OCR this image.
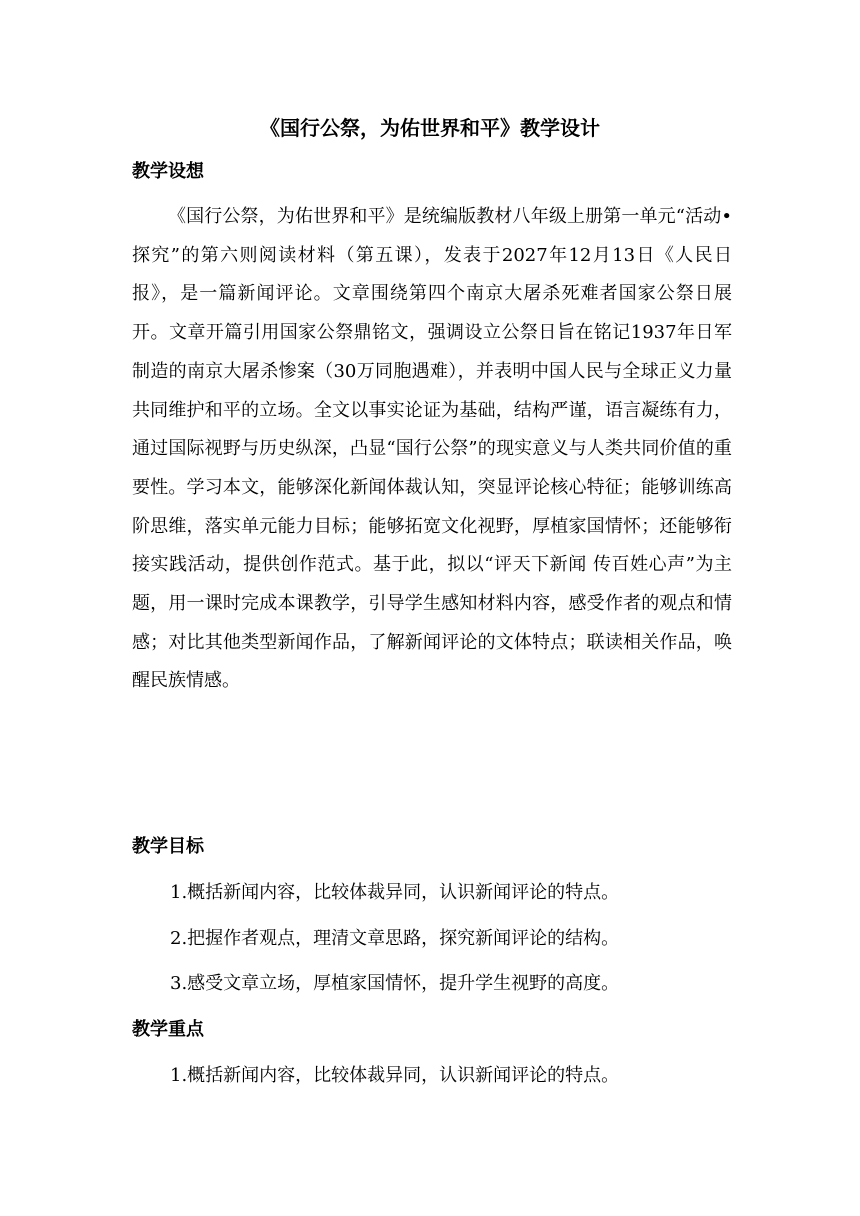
《国行公祭，为佑世界和平》教学设计
教学设想

《国行公祭，为佑世界和平》是统编版教材八年级上册第一单元“活动•探究”的第六则阅读材料（第五课），发表于2027年12月13日《人民日报》，是一篇新闻评论。文章围绕第四个南京大屠杀死难者国家公祭日展开。文章开篇引用国家公祭鼎铭文，强调设立公祭日旨在铭记1937年日军制造的南京大屠杀惨案（30万同胞遇难），并表明中国人民与全球正义力量共同维护和平的立场。全文以事实论证为基础，结构严谨，语言凝练有力，通过国际视野与历史纵深，凸显“国行公祭”的现实意义与人类共同价值的重要性。学习本文，能够深化新闻体裁认知，突显评论核心特征；能够训练高阶思维，落实单元能力目标；能够拓宽文化视野，厚植家国情怀；还能够衔接实践活动，提供创作范式。基于此，拟以“评天下新闻 传百姓心声”为主题，用一课时完成本课教学，引导学生感知材料内容，感受作者的观点和情感；对比其他类型新闻作品，了解新闻评论的文体特点；联读相关作品，唤醒民族情感。

教学目标

1.概括新闻内容，比较体裁异同，认识新闻评论的特点。

2.把握作者观点，理清文章思路，探究新闻评论的结构。

3.感受文章立场，厚植家国情怀，提升学生视野的高度。

教学重点

1.概括新闻内容，比较体裁异同，认识新闻评论的特点。
